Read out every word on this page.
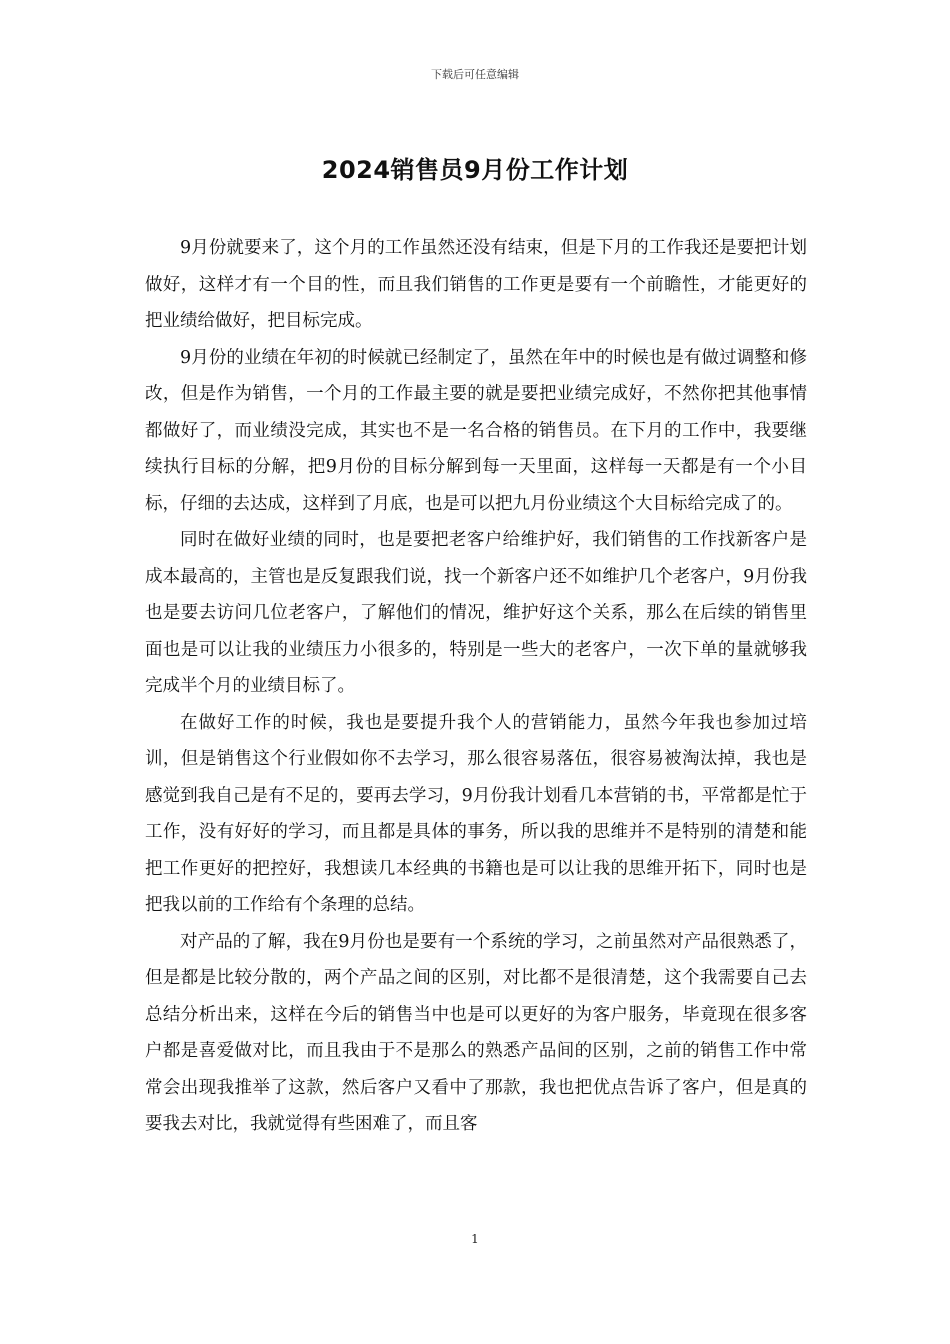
下载后可任意编辑
2024销售员9月份工作计划

9月份就要来了，这个月的工作虽然还没有结束，但是下月的工作我还是要把计划做好，这样才有一个目的性，而且我们销售的工作更是要有一个前瞻性，才能更好的把业绩给做好，把目标完成。

9月份的业绩在年初的时候就已经制定了，虽然在年中的时候也是有做过调整和修改，但是作为销售，一个月的工作最主要的就是要把业绩完成好，不然你把其他事情都做好了，而业绩没完成，其实也不是一名合格的销售员。在下月的工作中，我要继续执行目标的分解，把9月份的目标分解到每一天里面，这样每一天都是有一个小目标，仔细的去达成，这样到了月底，也是可以把九月份业绩这个大目标给完成了的。

同时在做好业绩的同时，也是要把老客户给维护好，我们销售的工作找新客户是成本最高的，主管也是反复跟我们说，找一个新客户还不如维护几个老客户，9月份我也是要去访问几位老客户，了解他们的情况，维护好这个关系，那么在后续的销售里面也是可以让我的业绩压力小很多的，特别是一些大的老客户，一次下单的量就够我完成半个月的业绩目标了。

在做好工作的时候，我也是要提升我个人的营销能力，虽然今年我也参加过培训，但是销售这个行业假如你不去学习，那么很容易落伍，很容易被淘汰掉，我也是感觉到我自己是有不足的，要再去学习，9月份我计划看几本营销的书，平常都是忙于工作，没有好好的学习，而且都是具体的事务，所以我的思维并不是特别的清楚和能把工作更好的把控好，我想读几本经典的书籍也是可以让我的思维开拓下，同时也是把我以前的工作给有个条理的总结。

对产品的了解，我在9月份也是要有一个系统的学习，之前虽然对产品很熟悉了，但是都是比较分散的，两个产品之间的区别，对比都不是很清楚，这个我需要自己去总结分析出来，这样在今后的销售当中也是可以更好的为客户服务，毕竟现在很多客户都是喜爱做对比，而且我由于不是那么的熟悉产品间的区别，之前的销售工作中常常会出现我推举了这款，然后客户又看中了那款，我也把优点告诉了客户，但是真的要我去对比，我就觉得有些困难了，而且客

1
